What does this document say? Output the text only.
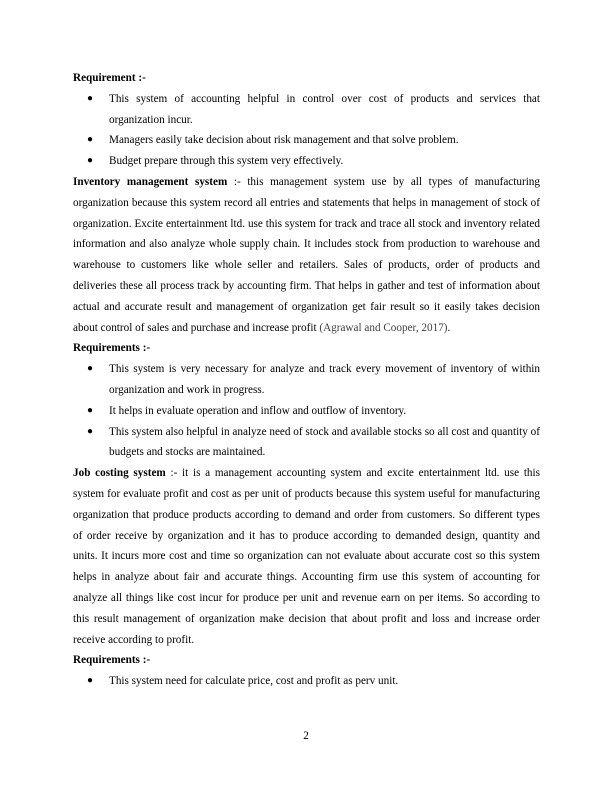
Requirement :-

● This system of accounting helpful in control over cost of products and services that organization incur.
● Managers easily take decision about risk management and that solve problem.
● Budget prepare through this system very effectively.

Inventory management system :- this management system use by all types of manufacturing organization because this system record all entries and statements that helps in management of stock of organization. Excite entertainment ltd. use this system for track and trace all stock and inventory related information and also analyze whole supply chain. It includes stock from production to warehouse and warehouse to customers like whole seller and retailers. Sales of products, order of products and deliveries these all process track by accounting firm. That helps in gather and test of information about actual and accurate result and management of organization get fair result so it easily takes decision about control of sales and purchase and increase profit (Agrawal and Cooper, 2017).

Requirements :-

● This system is very necessary for analyze and track every movement of inventory of within organization and work in progress.
● It helps in evaluate operation and inflow and outflow of inventory.
● This system also helpful in analyze need of stock and available stocks so all cost and quantity of budgets and stocks are maintained.

Job costing system :- it is a management accounting system and excite entertainment ltd. use this system for evaluate profit and cost as per unit of products because this system useful for manufacturing organization that produce products according to demand and order from customers. So different types of order receive by organization and it has to produce according to demanded design, quantity and units. It incurs more cost and time so organization can not evaluate about accurate cost so this system helps in analyze about fair and accurate things. Accounting firm use this system of accounting for analyze all things like cost incur for produce per unit and revenue earn on per items. So according to this result management of organization make decision that about profit and loss and increase order receive according to profit.

Requirements :-

● This system need for calculate price, cost and profit as perv unit.
2
